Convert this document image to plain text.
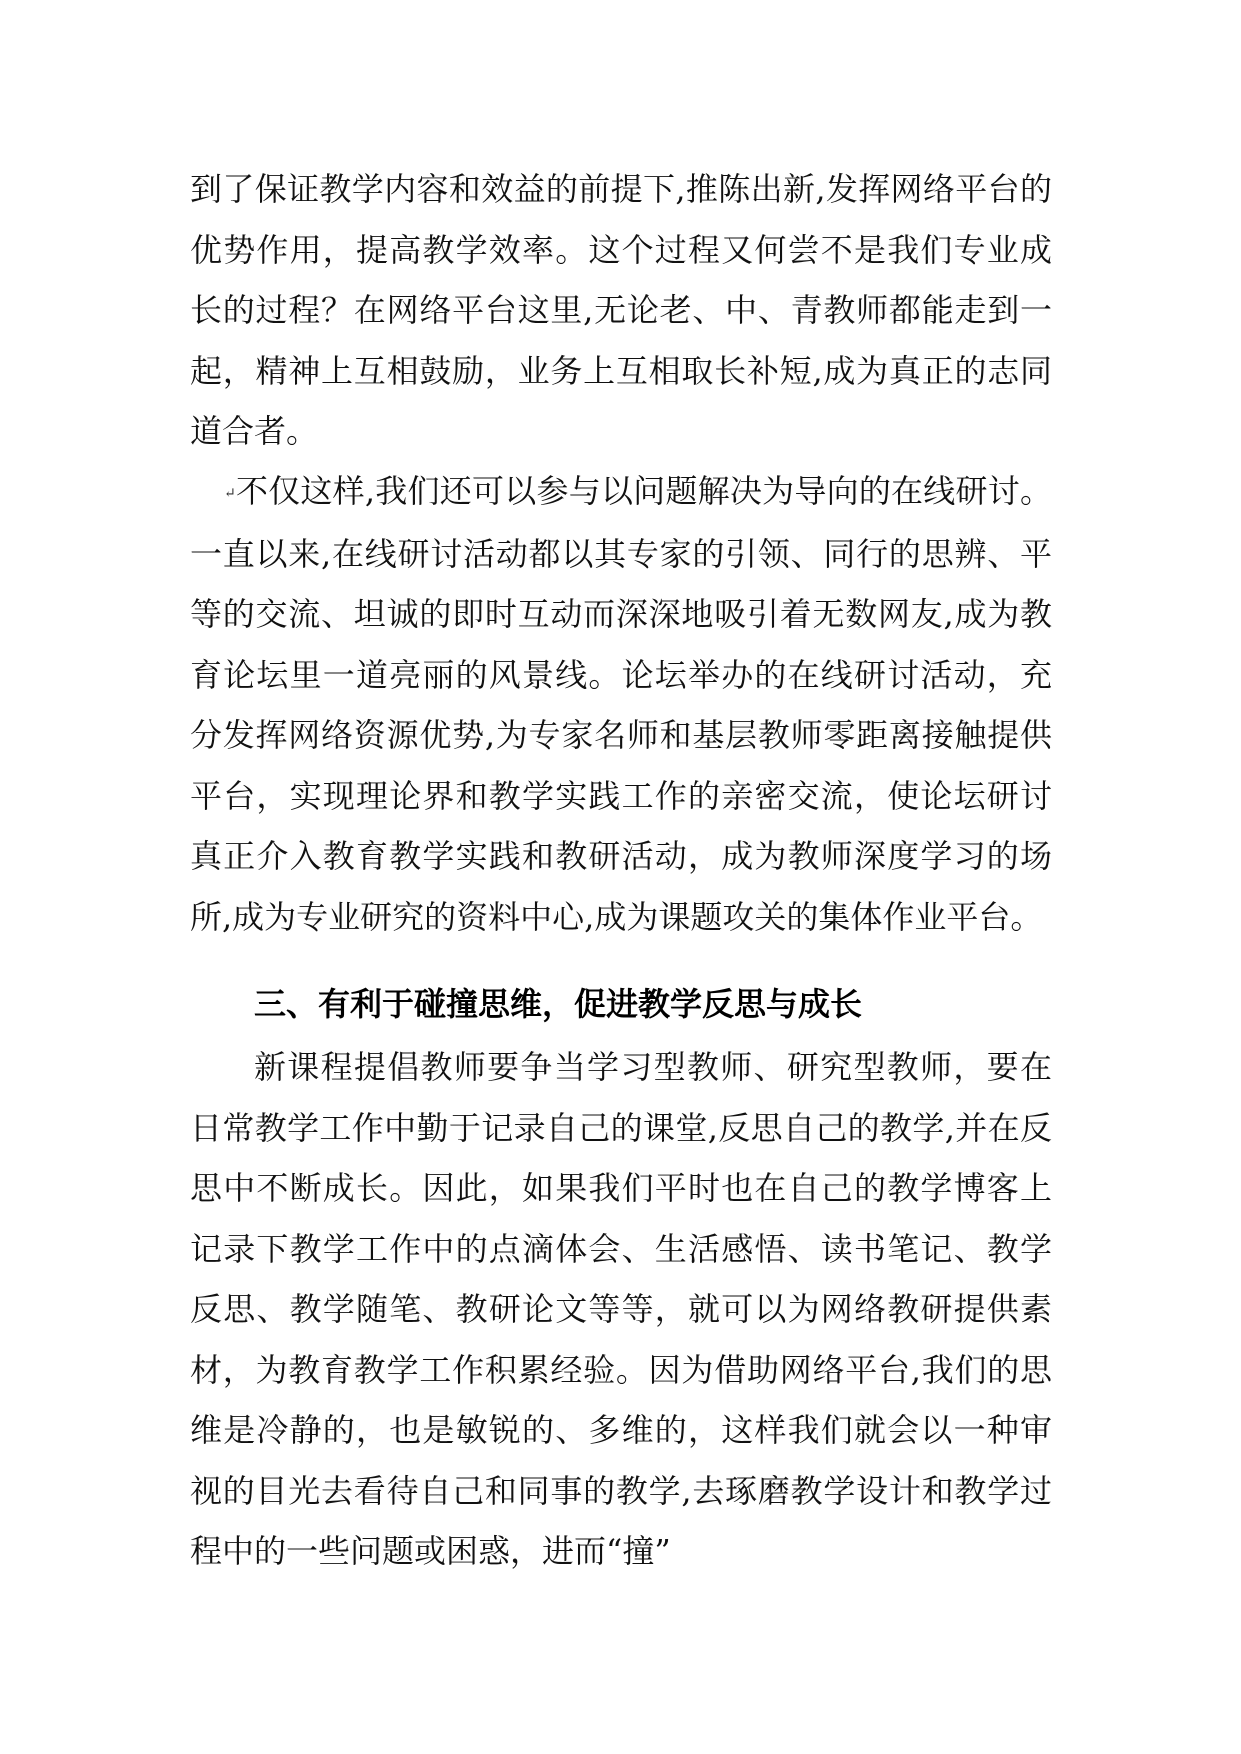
到了保证教学内容和效益的前提下,推陈出新,发挥网络平台的优势作用，提高教学效率。这个过程又何尝不是我们专业成长的过程？在网络平台这里,无论老、中、青教师都能走到一起，精神上互相鼓励，业务上互相取长补短,成为真正的志同道合者。
↵不仅这样,我们还可以参与以问题解决为导向的在线研讨。一直以来,在线研讨活动都以其专家的引领、同行的思辨、平等的交流、坦诚的即时互动而深深地吸引着无数网友,成为教育论坛里一道亮丽的风景线。论坛举办的在线研讨活动，充分发挥网络资源优势,为专家名师和基层教师零距离接触提供平台，实现理论界和教学实践工作的亲密交流，使论坛研讨真正介入教育教学实践和教研活动，成为教师深度学习的场所,成为专业研究的资料中心,成为课题攻关的集体作业平台。
三、有利于碰撞思维，促进教学反思与成长
新课程提倡教师要争当学习型教师、研究型教师，要在日常教学工作中勤于记录自己的课堂,反思自己的教学,并在反思中不断成长。因此，如果我们平时也在自己的教学博客上记录下教学工作中的点滴体会、生活感悟、读书笔记、教学反思、教学随笔、教研论文等等，就可以为网络教研提供素材，为教育教学工作积累经验。因为借助网络平台,我们的思维是冷静的，也是敏锐的、多维的，这样我们就会以一种审视的目光去看待自己和同事的教学,去琢磨教学设计和教学过程中的一些问题或困惑，进而“撞”
